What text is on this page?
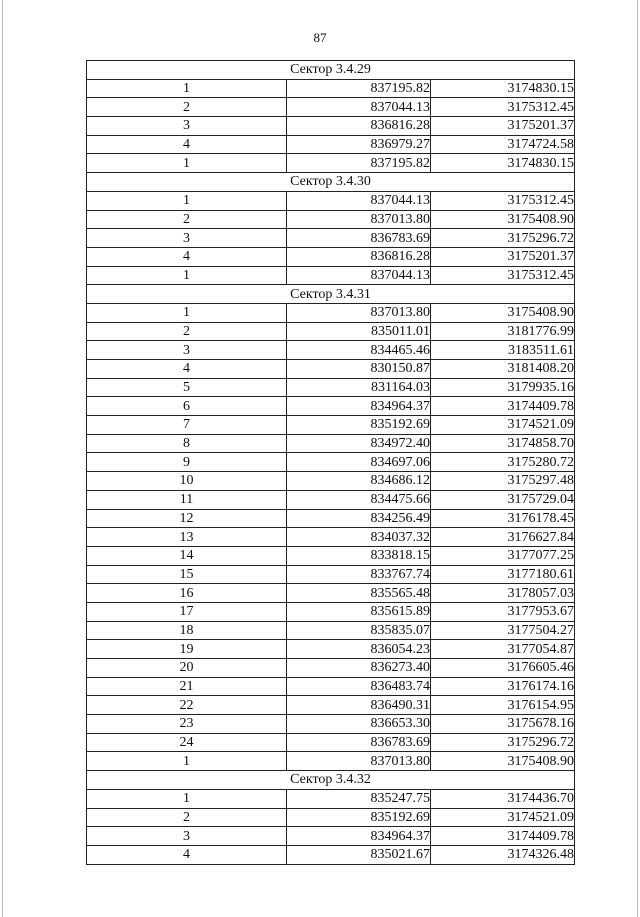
87
Сектор 3.4.29		
1	837195.82	3174830.15
2	837044.13	3175312.45
3	836816.28	3175201.37
4	836979.27	3174724.58
1	837195.82	3174830.15
Сектор 3.4.30		
1	837044.13	3175312.45
2	837013.80	3175408.90
3	836783.69	3175296.72
4	836816.28	3175201.37
1	837044.13	3175312.45
Сектор 3.4.31		
1	837013.80	3175408.90
2	835011.01	3181776.99
3	834465.46	3183511.61
4	830150.87	3181408.20
5	831164.03	3179935.16
6	834964.37	3174409.78
7	835192.69	3174521.09
8	834972.40	3174858.70
9	834697.06	3175280.72
10	834686.12	3175297.48
11	834475.66	3175729.04
12	834256.49	3176178.45
13	834037.32	3176627.84
14	833818.15	3177077.25
15	833767.74	3177180.61
16	835565.48	3178057.03
17	835615.89	3177953.67
18	835835.07	3177504.27
19	836054.23	3177054.87
20	836273.40	3176605.46
21	836483.74	3176174.16
22	836490.31	3176154.95
23	836653.30	3175678.16
24	836783.69	3175296.72
1	837013.80	3175408.90
Сектор 3.4.32		
1	835247.75	3174436.70
2	835192.69	3174521.09
3	834964.37	3174409.78
4	835021.67	3174326.48
